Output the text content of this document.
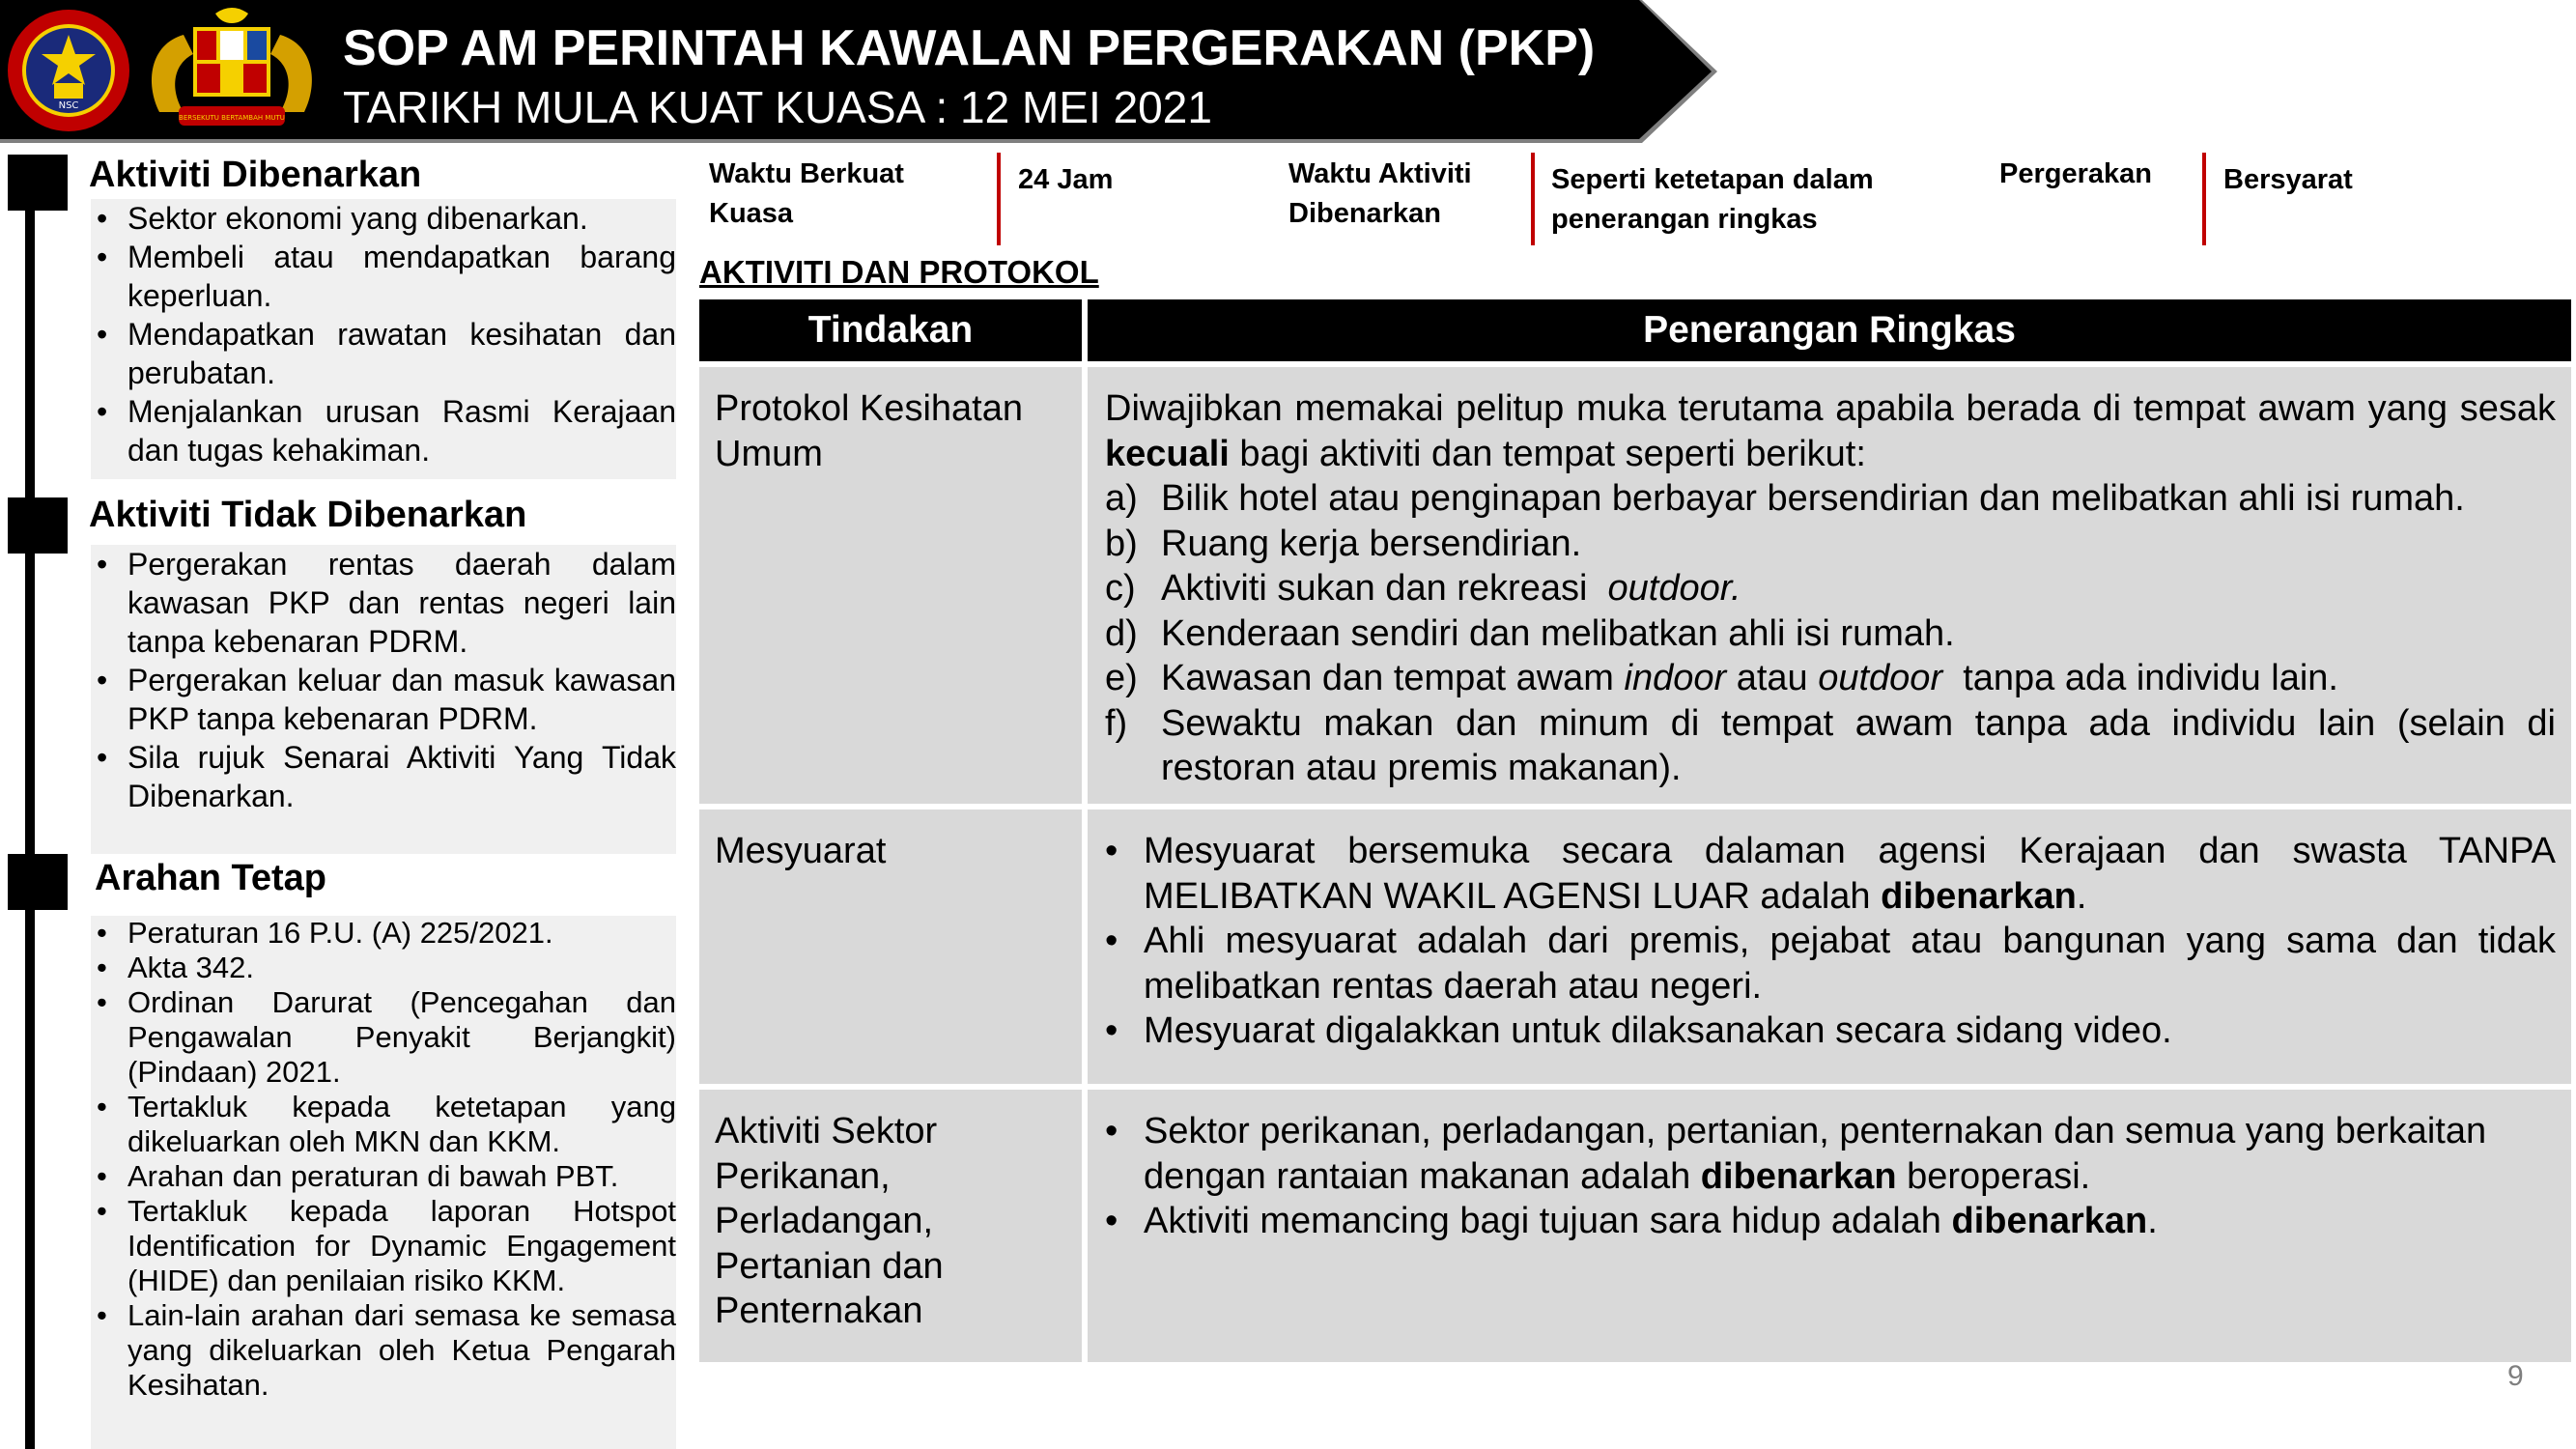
NSC
BERSEKUTU BERTAMBAH MUTU
SOP AM PERINTAH KAWALAN PERGERAKAN (PKP)
TARIKH MULA KUAT KUASA : 12 MEI 2021
Aktiviti Dibenarkan
• Sektor ekonomi yang dibenarkan.
• Membeli atau mendapatkan barang keperluan.
• Mendapatkan rawatan kesihatan dan perubatan.
• Menjalankan urusan Rasmi Kerajaan dan tugas kehakiman.
Aktiviti Tidak Dibenarkan
• Pergerakan rentas daerah dalam kawasan PKP dan rentas negeri lain tanpa kebenaran PDRM.
• Pergerakan keluar dan masuk kawasan PKP tanpa kebenaran PDRM.
• Sila rujuk Senarai Aktiviti Yang Tidak Dibenarkan.
Arahan Tetap
• Peraturan 16 P.U. (A) 225/2021.
• Akta 342.
• Ordinan Darurat (Pencegahan dan Pengawalan Penyakit Berjangkit) (Pindaan) 2021.
• Tertakluk kepada ketetapan yang dikeluarkan oleh MKN dan KKM.
• Arahan dan peraturan di bawah PBT.
• Tertakluk kepada laporan Hotspot Identification for Dynamic Engagement (HIDE) dan penilaian risiko KKM.
• Lain-lain arahan dari semasa ke semasa yang dikeluarkan oleh Ketua Pengarah Kesihatan.
Waktu Berkuat
Kuasa
24 Jam	Waktu Aktiviti
Dibenarkan
Seperti ketetapan dalam
penerangan ringkas
Pergerakan	Bersyarat
AKTIVITI DAN PROTOKOL
Tindakan	Penerangan Ringkas
Protokol Kesihatan Umum
Diwajibkan memakai pelitup muka terutama apabila berada di tempat awam yang sesak kecuali bagi aktiviti dan tempat seperti berikut:
a) Bilik hotel atau penginapan berbayar bersendirian dan melibatkan ahli isi rumah.
b) Ruang kerja bersendirian.
c) Aktiviti sukan dan rekreasi  outdoor.
d) Kenderaan sendiri dan melibatkan ahli isi rumah.
e) Kawasan dan tempat awam indoor atau outdoor  tanpa ada individu lain.
f) Sewaktu makan dan minum di tempat awam tanpa ada individu lain (selain di restoran atau premis makanan).
Mesyuarat
•	Mesyuarat bersemuka secara dalaman agensi Kerajaan dan swasta TANPA MELIBATKAN WAKIL AGENSI LUAR adalah dibenarkan.
• Ahli mesyuarat adalah dari premis, pejabat atau bangunan yang sama dan tidak melibatkan rentas daerah atau negeri.
• Mesyuarat digalakkan untuk dilaksanakan secara sidang video.
Aktiviti Sektor Perikanan, Perladangan, Pertanian dan Penternakan
• Sektor perikanan, perladangan, pertanian, penternakan dan semua yang berkaitan dengan rantaian makanan adalah dibenarkan beroperasi.
• Aktiviti memancing bagi tujuan sara hidup adalah dibenarkan.
9
